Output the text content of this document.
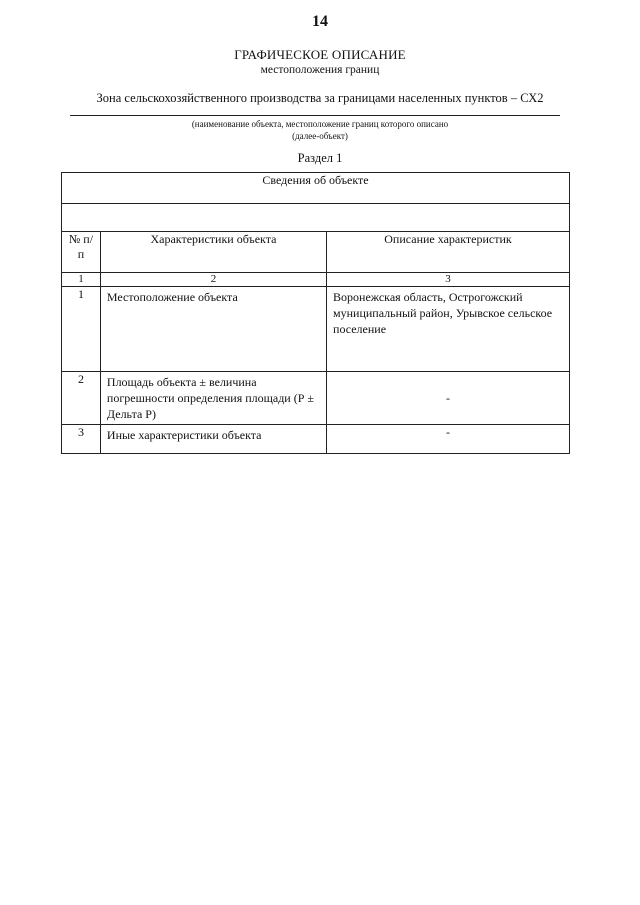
14
ГРАФИЧЕСКОЕ ОПИСАНИЕ
местоположения границ
Зона сельскохозяйственного производства за границами населенных пунктов – СХ2
(наименование объекта, местоположение границ которого описано
(далее-объект)
Раздел 1
Сведения об объекте		

№ п/п	Характеристики объекта	Описание характеристик
1	2	3
1	Местоположение объекта	Воронежская область, Острогожский муниципальный район, Урывское сельское поселение

2	Площадь объекта ± величина погрешности определения площади (Р ± Дельта Р)	-
3	Иные характеристики объекта	-
